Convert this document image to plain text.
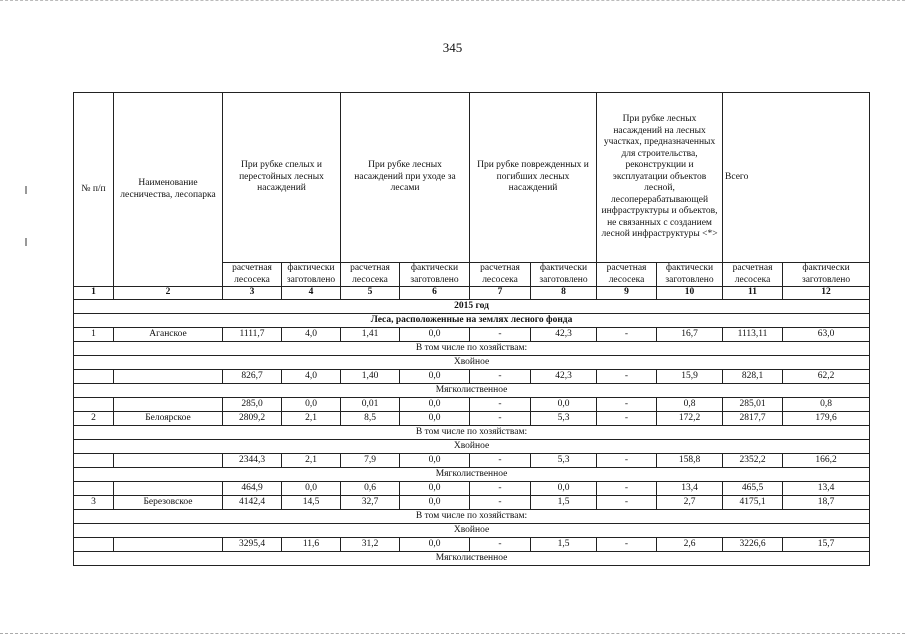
345
№ п/п	Наименование лесничества, лесопарка	При рубке спелых и перестойных лесных насаждений		При рубке лесных насаждений при уходе за лесами		При рубке поврежденных и погибших лесных насаждений		При рубке лесных насаждений на лесных участках, предназначенных для строительства, реконструкции и эксплуатации объектов лесной, лесоперерабатывающей инфраструктуры и объектов, не связанных с созданием лесной инфраструктуры <*>		Всего	
		расчетная лесосека	фактически заготовлено	расчетная лесосека	фактически заготовлено	расчетная лесосека	фактически заготовлено	расчетная лесосека	фактически заготовлено	расчетная лесосека	фактически заготовлено
1	2	3	4	5	6	7	8	9	10	11	12
2015 год											
Леса, расположенные на землях лесного фонда											
1	Аганское	1111,7	4,0	1,41	0,0	-	42,3	-	16,7	1113,11	63,0
В том числе по хозяйствам:											
Хвойное											
		826,7	4,0	1,40	0,0	-	42,3	-	15,9	828,1	62,2
Мягколиственное											
		285,0	0,0	0,01	0,0	-	0,0	-	0,8	285,01	0,8
2	Белоярское	2809,2	2,1	8,5	0,0	-	5,3	-	172,2	2817,7	179,6
В том числе по хозяйствам:											
Хвойное											
		2344,3	2,1	7,9	0,0	-	5,3	-	158,8	2352,2	166,2
Мягколиственное											
		464,9	0,0	0,6	0,0	-	0,0	-	13,4	465,5	13,4
3	Березовское	4142,4	14,5	32,7	0,0	-	1,5	-	2,7	4175,1	18,7
В том числе по хозяйствам:											
Хвойное											
		3295,4	11,6	31,2	0,0	-	1,5	-	2,6	3226,6	15,7
Мягколиственное											
